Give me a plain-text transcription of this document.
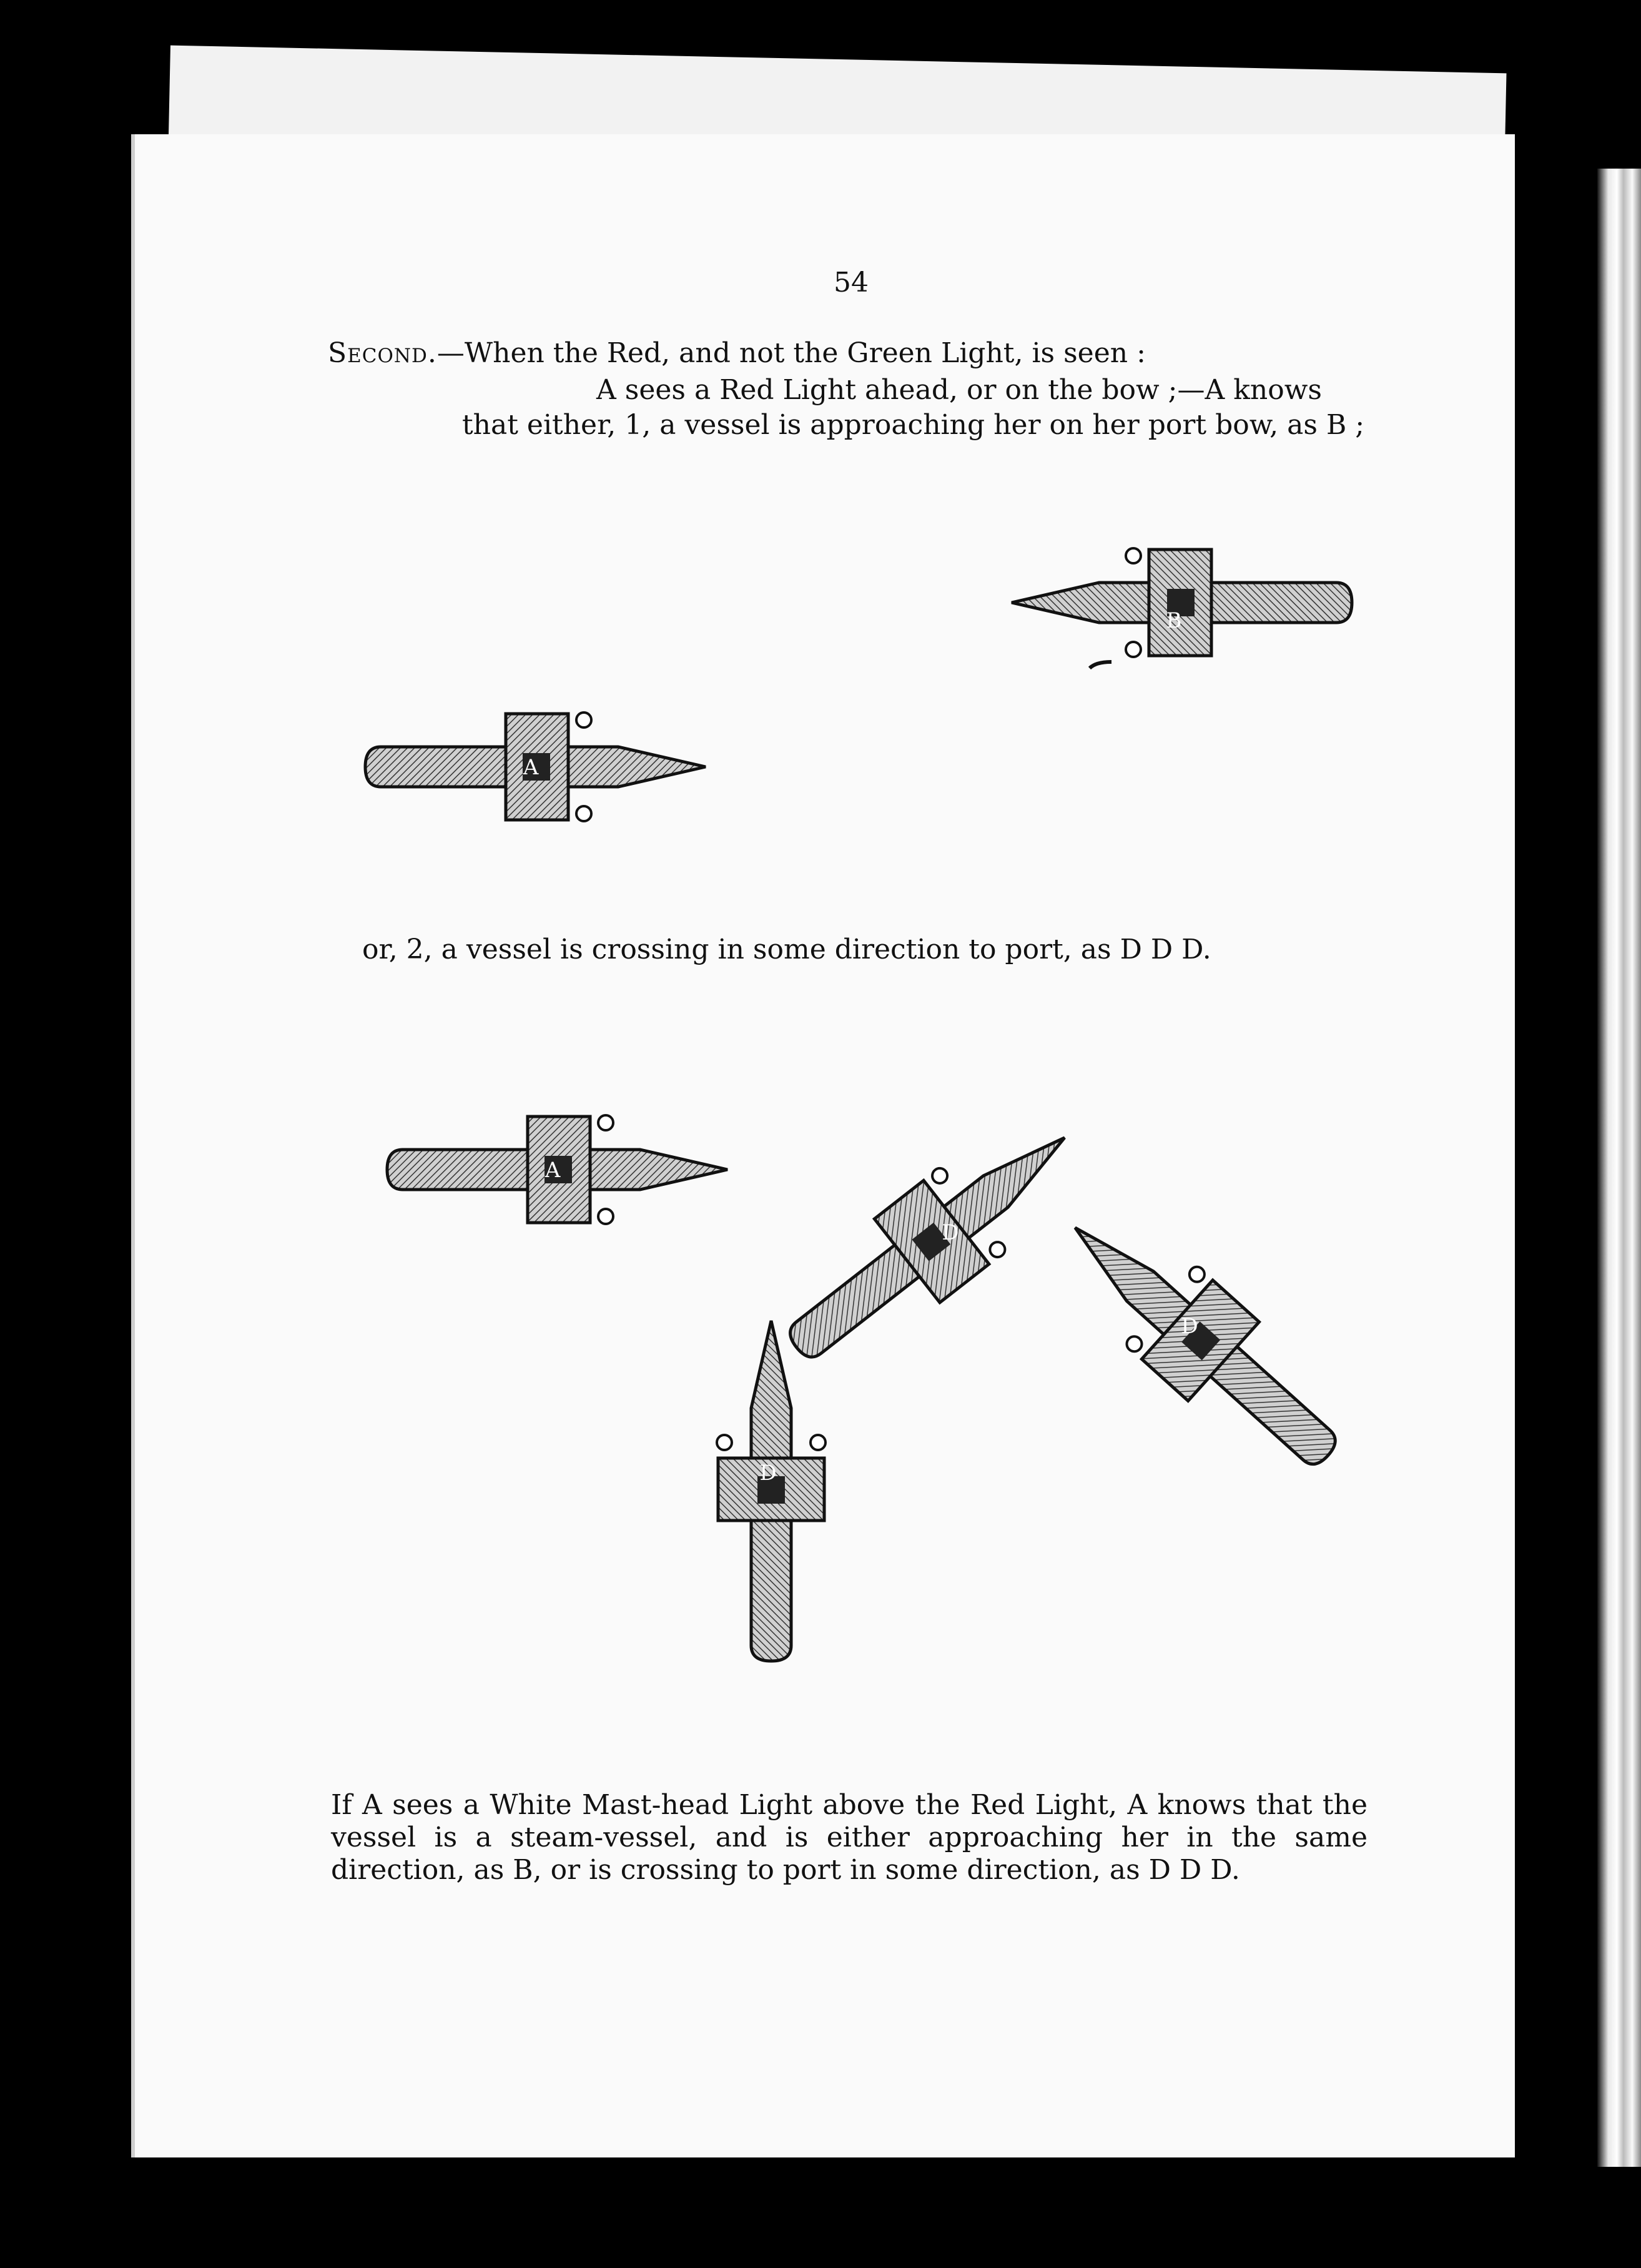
54
Second.—When the Red, and not the Green Light, is seen :
A sees a Red Light ahead, or on the bow ;—A knows
that either, 1, a vessel is approaching her on her port bow, as B ;
B
A
A
D
D
D
or, 2, a vessel is crossing in some direction to port, as D D D.
If A sees a White Mast-head Light above the Red Light, A knows that the vessel is a steam-vessel, and is either approaching her in the same direction, as B, or is crossing to port in some direction, as D D D.
